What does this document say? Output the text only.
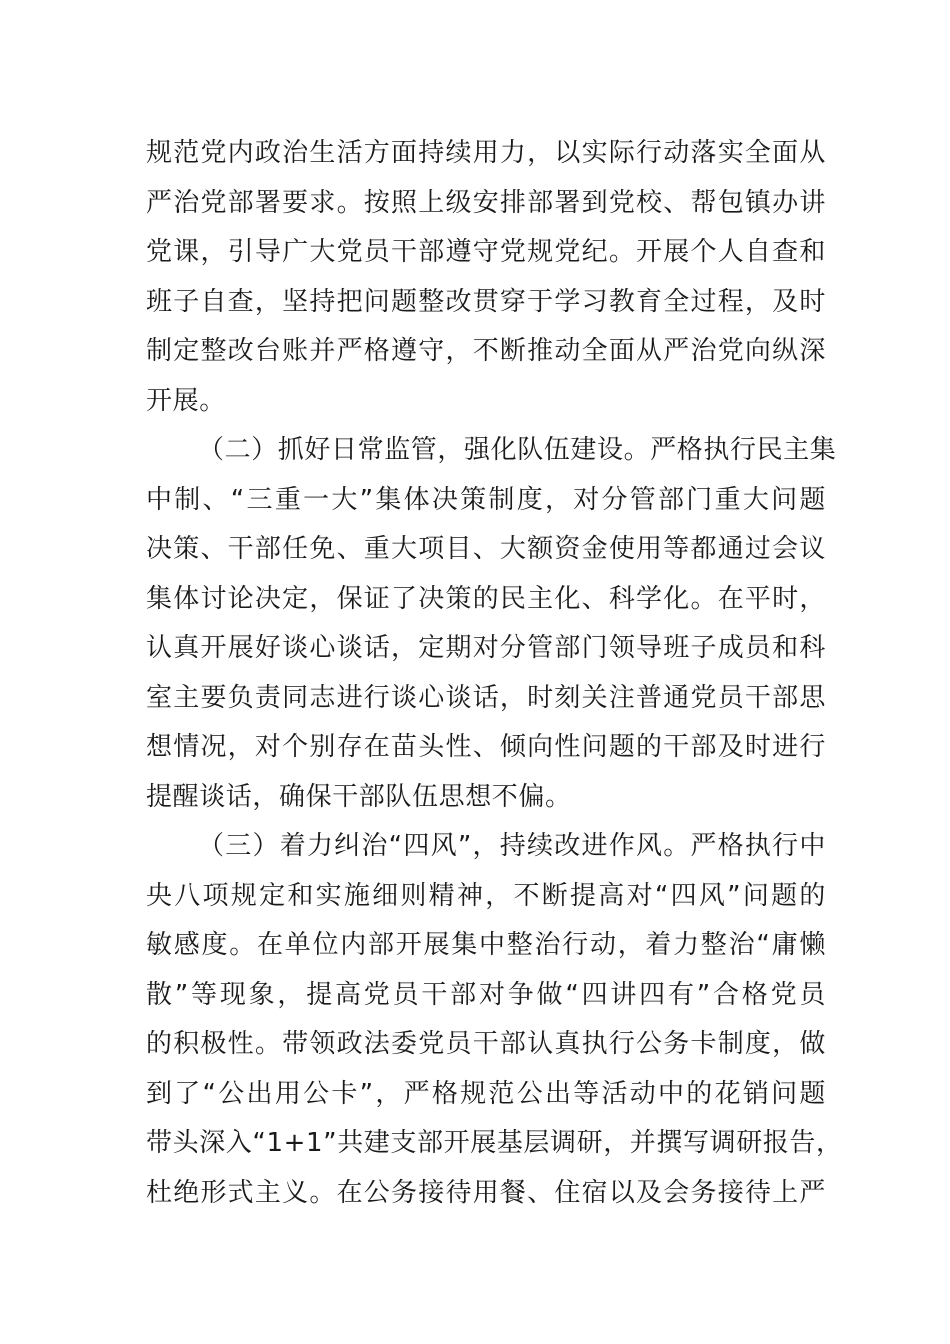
规范党内政治生活方面持续用力，以实际行动落实全面从
严治党部署要求。按照上级安排部署到党校、帮包镇办讲
党课，引导广大党员干部遵守党规党纪。开展个人自查和
班子自查，坚持把问题整改贯穿于学习教育全过程，及时
制定整改台账并严格遵守，不断推动全面从严治党向纵深
开展。
（二）抓好日常监管，强化队伍建设。严格执行民主集
中制、“三重一大”集体决策制度，对分管部门重大问题
决策、干部任免、重大项目、大额资金使用等都通过会议
集体讨论决定，保证了决策的民主化、科学化。在平时，
认真开展好谈心谈话，定期对分管部门领导班子成员和科
室主要负责同志进行谈心谈话，时刻关注普通党员干部思
想情况，对个别存在苗头性、倾向性问题的干部及时进行
提醒谈话，确保干部队伍思想不偏。
（三）着力纠治“四风”，持续改进作风。严格执行中
央八项规定和实施细则精神，不断提高对“四风”问题的
敏感度。在单位内部开展集中整治行动，着力整治“庸懒
散”等现象，提高党员干部对争做“四讲四有”合格党员
的积极性。带领政法委党员干部认真执行公务卡制度，做
到了“公出用公卡”，严格规范公出等活动中的花销问题
带头深入“1+1”共建支部开展基层调研，并撰写调研报告，
杜绝形式主义。在公务接待用餐、住宿以及会务接待上严
